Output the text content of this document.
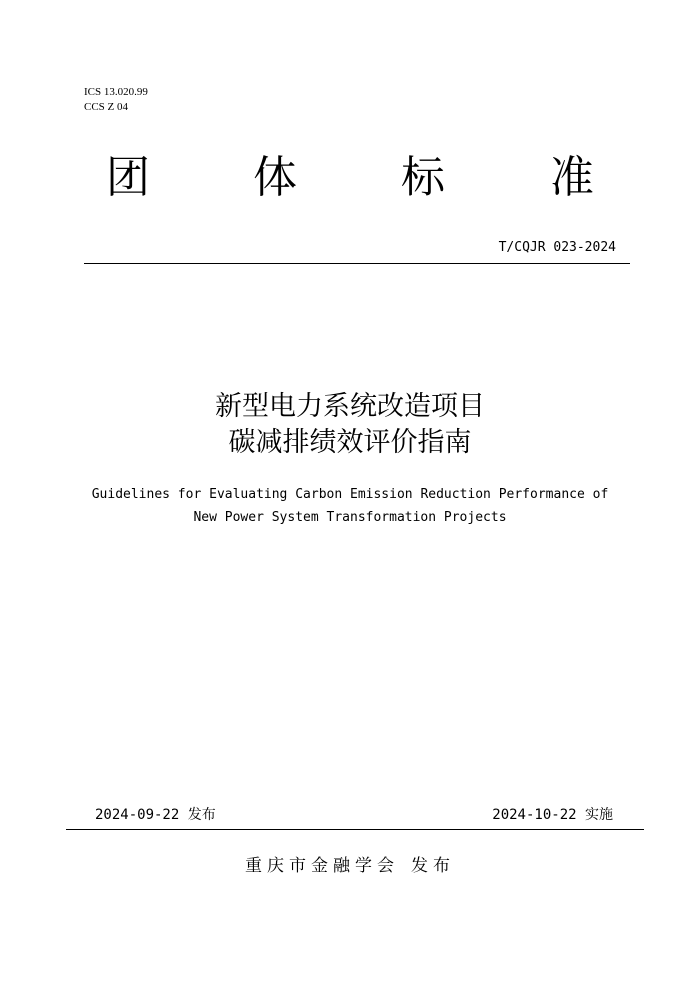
ICS 13.020.99
CCS Z 04
团 体 标 准
T/CQJR 023-2024
新型电力系统改造项目
碳减排绩效评价指南
Guidelines for Evaluating Carbon Emission Reduction Performance of
New Power System Transformation Projects
2024-09-22 发布	2024-10-22 实施
重庆市金融学会 发布
